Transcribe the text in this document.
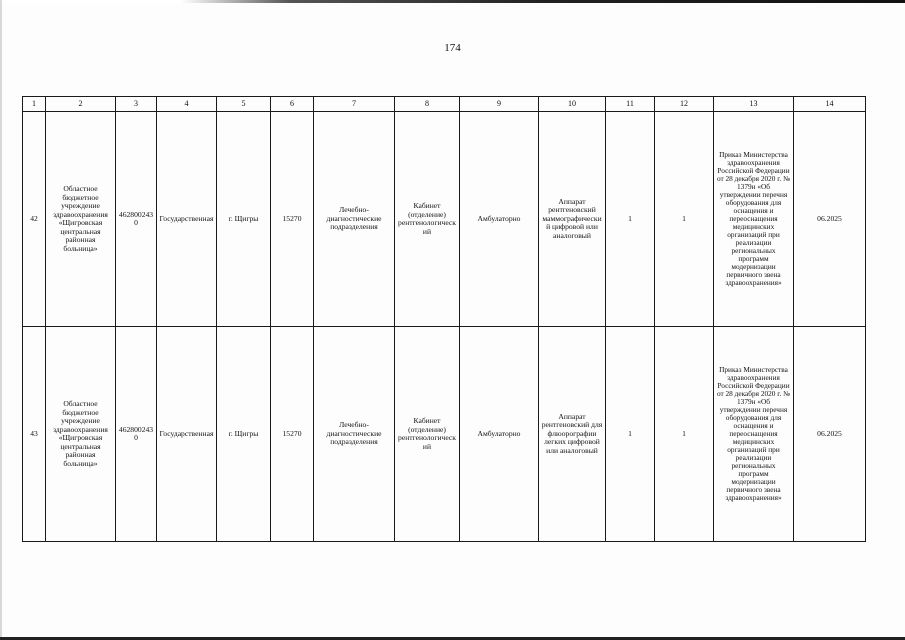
174
1	2	3	4	5	6	7	8	9	10	11	12	13	14
42	Областное бюджетное учреждение здравоохранения «Щигровская центральная районная больница»	4628002430	Государственная	г. Щигры	15270	Лечебно-диагностические подразделения	Кабинет (отделение) рентгенологический	Амбулаторно	Аппарат рентгеновский маммографический цифровой или аналоговый	1	1	Приказ Министерства здравоохранения Российской Федерации от 28 декабря 2020 г. № 1379н «Об утверждении перечня оборудования для оснащения и переоснащения медицинских организаций при реализации региональных программ модернизации первичного звена здравоохранения»	06.2025
43	Областное бюджетное учреждение здравоохранения «Щигровская центральная районная больница»	4628002430	Государственная	г. Щигры	15270	Лечебно-диагностические подразделения	Кабинет (отделение) рентгенологический	Амбулаторно	Аппарат рентгеновский для флюорографии легких цифровой или аналоговый	1	1	Приказ Министерства здравоохранения Российской Федерации от 28 декабря 2020 г. № 1379н «Об утверждении перечня оборудования для оснащения и переоснащения медицинских организаций при реализации региональных программ модернизации первичного звена здравоохранения»	06.2025
